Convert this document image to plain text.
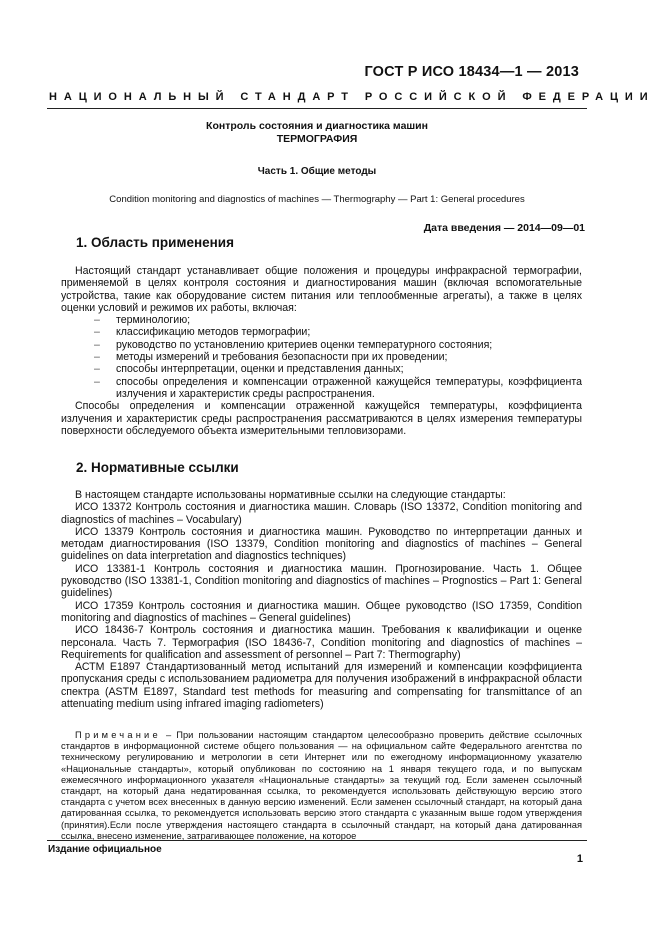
ГОСТ Р ИСО 18434—1 — 2013
НАЦИОНАЛЬНЫЙ СТАНДАРТ РОССИЙСКОЙ ФЕДЕРАЦИИ
Контроль состояния и диагностика машин
ТЕРМОГРАФИЯ
Часть 1. Общие методы
Condition monitoring and diagnostics of machines — Thermography — Part 1: General procedures
Дата введения — 2014—09—01
1. Область применения

Настоящий стандарт устанавливает общие положения и процедуры инфракрасной термографии, применяемой в целях контроля состояния и диагностирования машин (включая вспомогательные устройства, такие как оборудование систем питания или теплообменные агрегаты), а также в целях оценки условий и режимов их работы, включая:

– терминологию;
– классификацию методов термографии;
– руководство по установлению критериев оценки температурного состояния;
– методы измерений и требования безопасности при их проведении;
– способы интерпретации, оценки и представления данных;
– способы определения и компенсации отраженной кажущейся температуры, коэффициента излучения и характеристик среды распространения.

Способы определения и компенсации отраженной кажущейся температуры, коэффициента излучения и характеристик среды распространения рассматриваются в целях измерения температуры поверхности обследуемого объекта измерительными тепловизорами.

2. Нормативные ссылки

В настоящем стандарте использованы нормативные ссылки на следующие стандарты:

ИСО 13372 Контроль состояния и диагностика машин. Словарь (ISO 13372, Condition monitoring and diagnostics of machines – Vocabulary)

ИСО 13379 Контроль состояния и диагностика машин. Руководство по интерпретации данных и методам диагностирования (ISO 13379, Condition monitoring and diagnostics of machines – General guidelines on data interpretation and diagnostics techniques)

ИСО 13381-1 Контроль состояния и диагностика машин. Прогнозирование. Часть 1. Общее руководство (ISO 13381-1, Condition monitoring and diagnostics of machines – Prognostics – Part 1: General guidelines)

ИСО 17359 Контроль состояния и диагностика машин. Общее руководство (ISO 17359, Condition monitoring and diagnostics of machines – General guidelines)

ИСО 18436-7 Контроль состояния и диагностика машин. Требования к квалификации и оценке персонала. Часть 7. Термография (ISO 18436-7, Condition monitoring and diagnostics of machines – Requirements for qualification and assessment of personnel – Part 7: Thermography)

АСТМ Е1897 Стандартизованный метод испытаний для измерений и компенсации коэффициента пропускания среды с использованием радиометра для получения изображений в инфракрасной области спектра (ASTM E1897, Standard test methods for measuring and compensating for transmittance of an attenuating medium using infrared imaging radiometers)

Примечание – При пользовании настоящим стандартом целесообразно проверить действие ссылочных стандартов в информационной системе общего пользования — на официальном сайте Федерального агентства по техническому регулированию и метрологии в сети Интернет или по ежегодному информационному указателю «Национальные стандарты», который опубликован по состоянию на 1 января текущего года, и по выпускам ежемесячного информационного указателя «Национальные стандарты» за текущий год. Если заменен ссылочный стандарт, на который дана недатированная ссылка, то рекомендуется использовать действующую версию этого стандарта с учетом всех внесенных в данную версию изменений. Если заменен ссылочный стандарт, на который дана датированная ссылка, то рекомендуется использовать версию этого стандарта с указанным выше годом утверждения (принятия).Если после утверждения настоящего стандарта в ссылочный стандарт, на который дана датированная ссылка, внесено изменение, затрагивающее положение, на которое

Издание официальное
1
